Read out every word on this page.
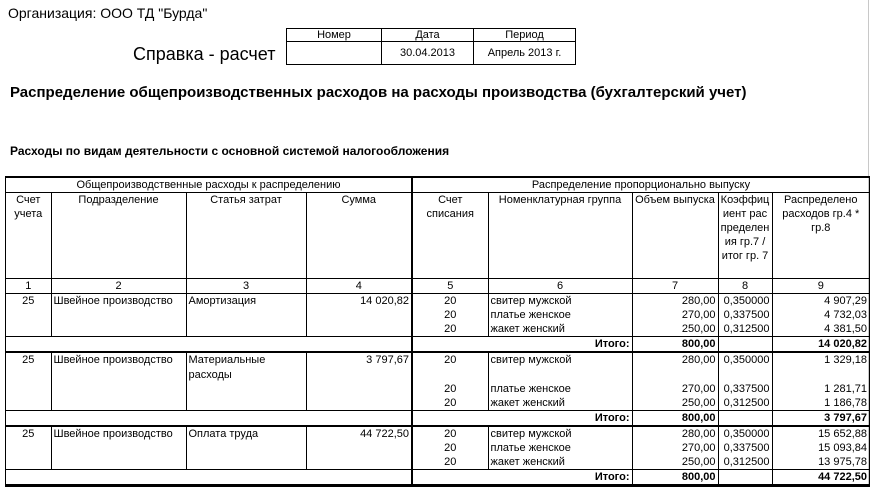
Организация: ООО ТД "Бурда"
Номер	Дата	Период
	30.04.2013	Апрель 2013 г.
Справка - расчет
Распределение общепроизводственных расходов на расходы производства (бухгалтерский учет)
Расходы по видам деятельности с основной системой налогообложения
Общепроизводственные расходы к распределению				Распределение пропорционально выпуску				
Счет учета	Подразделение	Статья затрат	Сумма	Счет списания	Номенклатурная группа	Объем выпуска	Коэффициент распределения гр.7 / итог гр. 7	Распределено расходов гр.4 * гр.8
1	2	3	4	5	6	7	8	9
25	Швейное производство	Амортизация	14 020,82	20	свитер мужской	280,00	0,350000	4 907,29
				20	платье женское	270,00	0,337500	4 732,03
				20	жакет женский	250,00	0,312500	4 381,50
				Итого:		800,00		14 020,82
25	Швейное производство	Материальные расходы	3 797,67	20	свитер мужской	280,00	0,350000	1 329,18
				20	платье женское	270,00	0,337500	1 281,71
				20	жакет женский	250,00	0,312500	1 186,78
				Итого:		800,00		3 797,67
25	Швейное производство	Оплата труда	44 722,50	20	свитер мужской	280,00	0,350000	15 652,88
				20	платье женское	270,00	0,337500	15 093,84
				20	жакет женский	250,00	0,312500	13 975,78
				Итого:		800,00		44 722,50
